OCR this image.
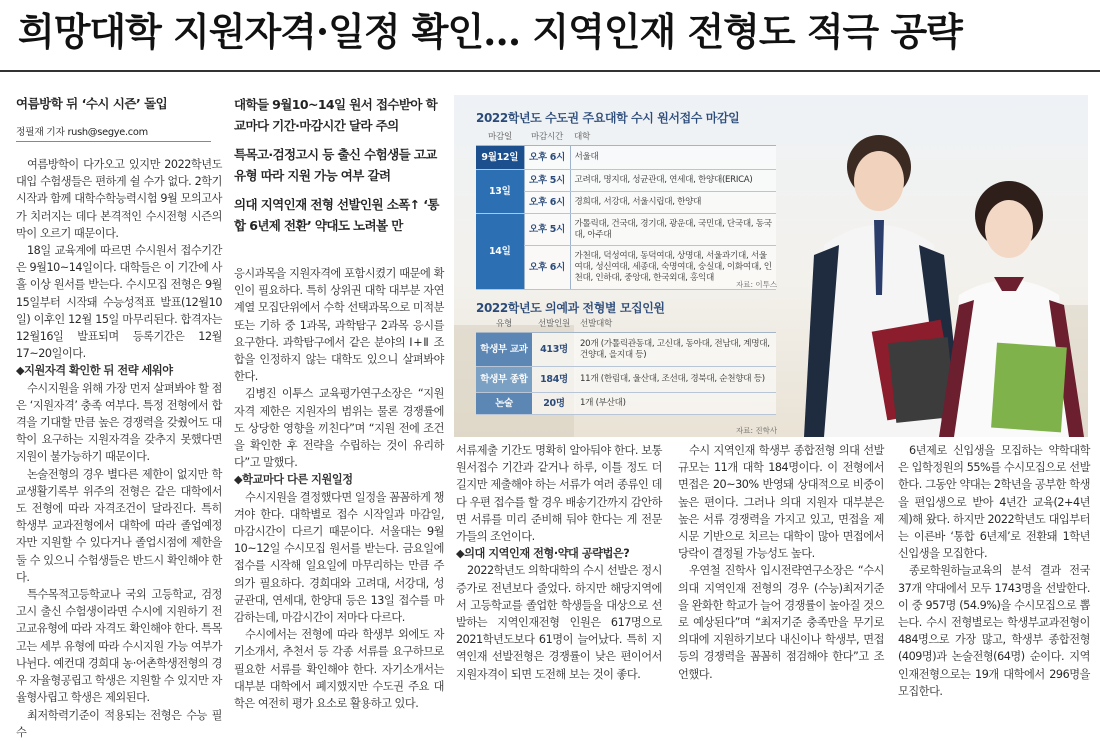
희망대학 지원자격·일정 확인… 지역인재 전형도 적극 공략
여름방학 뒤 ‘수시 시즌’ 돌입
정필재 기자 rush@segye.com

여름방학이 다가오고 있지만 2022학년도 대입 수험생들은 편하게 쉴 수가 없다. 2학기 시작과 함께 대학수학능력시험 9월 모의고사가 치러지는 데다 본격적인 수시전형 시즌의 막이 오르기 때문이다.

18일 교육계에 따르면 수시원서 접수기간은 9월10~14일이다. 대학들은 이 기간에 사흘 이상 원서를 받는다. 수시모집 전형은 9월15일부터 시작돼 수능성적표 발표(12월10일) 이후인 12월 15일 마무리된다. 합격자는 12월16일 발표되며 등록기간은 12월17~20일이다.

◆지원자격 확인한 뒤 전략 세워야

수시지원을 위해 가장 먼저 살펴봐야 할 점은 ‘지원자격’ 충족 여부다. 특정 전형에서 합격을 기대할 만큼 높은 경쟁력을 갖췄어도 대학이 요구하는 지원자격을 갖추지 못했다면 지원이 불가능하기 때문이다.

논술전형의 경우 별다른 제한이 없지만 학교생활기록부 위주의 전형은 같은 대학에서도 전형에 따라 자격조건이 달라진다. 특히 학생부 교과전형에서 대학에 따라 졸업예정자만 지원할 수 있다거나 졸업시점에 제한을 둘 수 있으니 수험생들은 반드시 확인해야 한다.

특수목적고등학교나 국외 고등학교, 검정고시 출신 수험생이라면 수시에 지원하기 전 고교유형에 따라 자격도 확인해야 한다. 특목고는 세부 유형에 따라 수시지원 가능 여부가 나뉜다. 예컨대 경희대 농·어촌학생전형의 경우 자율형공립고 학생은 지원할 수 있지만 자율형사립고 학생은 제외된다.

최저학력기준이 적용되는 전형은 수능 필수

대학들 9월10~14일 원서 접수받아 학교마다 기간·마감시간 달라 주의

특목고·검정고시 등 출신 수험생들 고교 유형 따라 지원 가능 여부 갈려

의대 지역인재 전형 선발인원 소폭↑ ‘통합 6년제 전환’ 약대도 노려볼 만

응시과목을 지원자격에 포함시켰기 때문에 확인이 필요하다. 특히 상위권 대학 대부분 자연계열 모집단위에서 수학 선택과목으로 미적분 또는 기하 중 1과목, 과학탐구 2과목 응시를 요구한다. 과학탐구에서 같은 분야의 Ⅰ+Ⅱ 조합을 인정하지 않는 대학도 있으니 살펴봐야 한다.

김병진 이투스 교육평가연구소장은 “지원자격 제한은 지원자의 범위는 물론 경쟁률에도 상당한 영향을 끼친다”며 “지원 전에 조건을 확인한 후 전략을 수립하는 것이 유리하다”고 말했다.

◆학교마다 다른 지원일정

수시지원을 결정했다면 일정을 꼼꼼하게 챙겨야 한다. 대학별로 접수 시작일과 마감일, 마감시간이 다르기 때문이다. 서울대는 9월10~12일 수시모집 원서를 받는다. 금요일에 접수를 시작해 일요일에 마무리하는 만큼 주의가 필요하다. 경희대와 고려대, 서강대, 성균관대, 연세대, 한양대 등은 13일 접수를 마감하는데, 마감시간이 저마다 다르다.

수시에서는 전형에 따라 학생부 외에도 자기소개서, 추천서 등 각종 서류를 요구하므로 필요한 서류를 확인해야 한다. 자기소개서는 대부분 대학에서 폐지했지만 수도권 주요 대학은 여전히 평가 요소로 활용하고 있다.

2022학년도 수도권 주요대학 수시 원서접수 마감일
마감일	마감시간	대학
9월12일	오후 6시	서울대
13일	오후 5시	고려대, 명지대, 성균관대, 연세대, 한양대(ERICA)
	오후 6시	경희대, 서강대, 서울시립대, 한양대
14일	오후 5시	가톨릭대, 건국대, 경기대, 광운대, 국민대, 단국대, 동국대, 아주대
	오후 6시	가천대, 덕성여대, 동덕여대, 상명대, 서울과기대, 서울여대, 성신여대, 세종대, 숙명여대, 숭실대, 이화여대, 인천대, 인하대, 중앙대, 한국외대, 홍익대
자료: 이투스
2022학년도 의예과 전형별 모집인원
유형	선발인원	선발대학
학생부 교과	413명	20개 (가톨릭관동대, 고신대, 동아대, 전남대, 계명대, 건양대, 을지대 등)
학생부 종합	184명	11개 (한림대, 울산대, 조선대, 경북대, 순천향대 등)
논술	20명	1개 (부산대)
자료: 진학사

서류제출 기간도 명확히 알아둬야 한다. 보통 원서접수 기간과 같거나 하루, 이틀 정도 더 길지만 제출해야 하는 서류가 여러 종류인 데다 우편 접수를 할 경우 배송기간까지 감안하면 서류를 미리 준비해 둬야 한다는 게 전문가들의 조언이다.

◆의대 지역인재 전형·약대 공략법은?

2022학년도 의학대학의 수시 선발은 정시 증가로 전년보다 줄었다. 하지만 해당지역에서 고등학교를 졸업한 학생들을 대상으로 선발하는 지역인재전형 인원은 617명으로 2021학년도보다 61명이 늘어났다. 특히 지역인재 선발전형은 경쟁률이 낮은 편이어서 지원자격이 되면 도전해 보는 것이 좋다.

수시 지역인재 학생부 종합전형 의대 선발 규모는 11개 대학 184명이다. 이 전형에서 면접은 20~30% 반영돼 상대적으로 비중이 높은 편이다. 그러나 의대 지원자 대부분은 높은 서류 경쟁력을 가지고 있고, 면접을 제시문 기반으로 치르는 대학이 많아 면접에서 당락이 결정될 가능성도 높다.

우연철 진학사 입시전략연구소장은 “수시 의대 지역인재 전형의 경우 (수능)최저기준을 완화한 학교가 늘어 경쟁률이 높아질 것으로 예상된다”며 “최저기준 충족만을 무기로 의대에 지원하기보다 내신이나 학생부, 면접 등의 경쟁력을 꼼꼼히 점검해야 한다”고 조언했다.

6년제로 신입생을 모집하는 약학대학은 입학정원의 55%를 수시모집으로 선발한다. 그동안 약대는 2학년을 공부한 학생을 편입생으로 받아 4년간 교육(2+4년제)해 왔다. 하지만 2022학년도 대입부터는 이른바 ‘통합 6년제’로 전환돼 1학년 신입생을 모집한다.

종로학원하늘교육의 분석 결과 전국 37개 약대에서 모두 1743명을 선발한다. 이 중 957명 (54.9%)을 수시모집으로 뽑는다. 수시 전형별로는 학생부교과전형이 484명으로 가장 많고, 학생부 종합전형(409명)과 논술전형(64명) 순이다. 지역인재전형으로는 19개 대학에서 296명을 모집한다.
